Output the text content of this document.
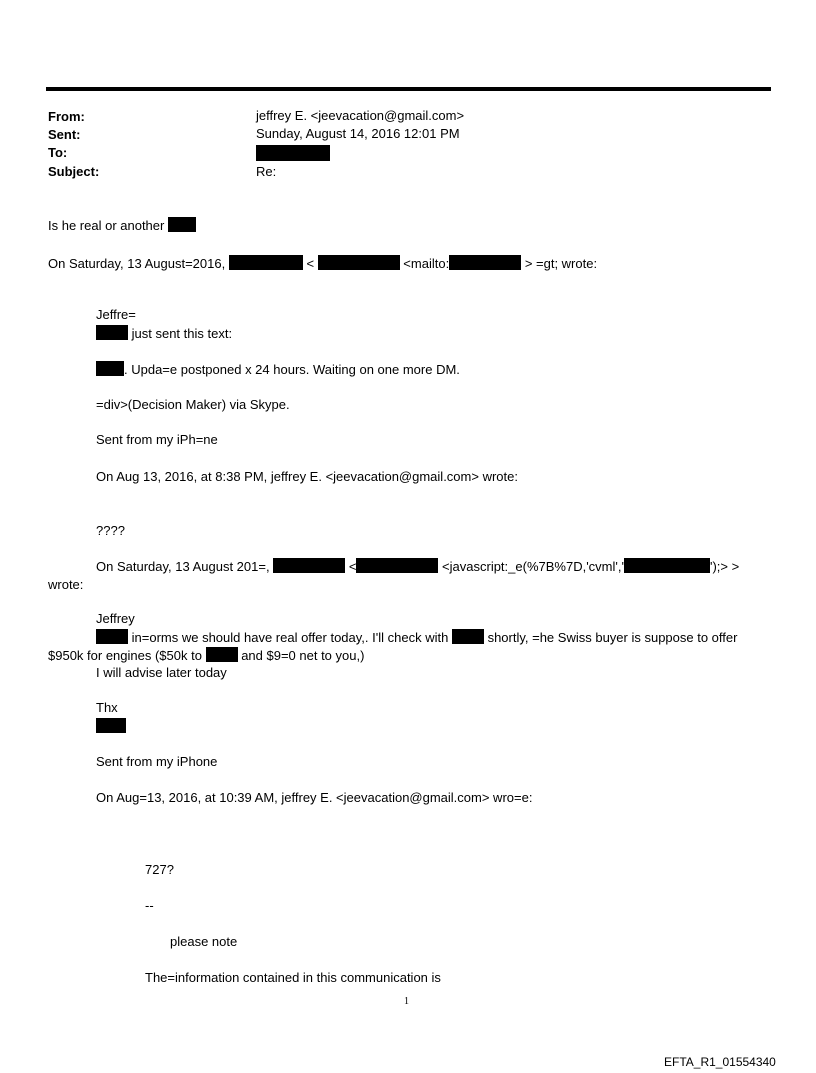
From:	jeffrey E. <jeevacation@gmail.com>
Sent:	Sunday, August 14, 2016 12:01 PM
To:
Subject:	Re:
Is he real or another
On Saturday, 13 August=2016,	<	<mailto:	> =gt; wrote:
Jeffre=
just sent this text:
. Upda=e postponed x 24 hours. Waiting on one more DM.
=div>(Decision Maker) via Skype.
Sent from my iPh=ne
On Aug 13, 2016, at 8:38 PM, jeffrey E. <jeevacation@gmail.com> wrote:
????
On Saturday, 13 August 201=,	<	<javascript:_e(%7B%7D,'cvml','	');> >
wrote:
Jeffrey
in=orms we should have real offer today,. I'll check with	shortly, =he Swiss buyer is suppose to offer
$950k for engines ($50k to	and $9=0 net to you,)
I will advise later today
Thx
Sent from my iPhone
On Aug=13, 2016, at 10:39 AM, jeffrey E. <jeevacation@gmail.com> wro=e:
727?
--
please note
The=information contained in this communication is
1
EFTA_R1_01554340
